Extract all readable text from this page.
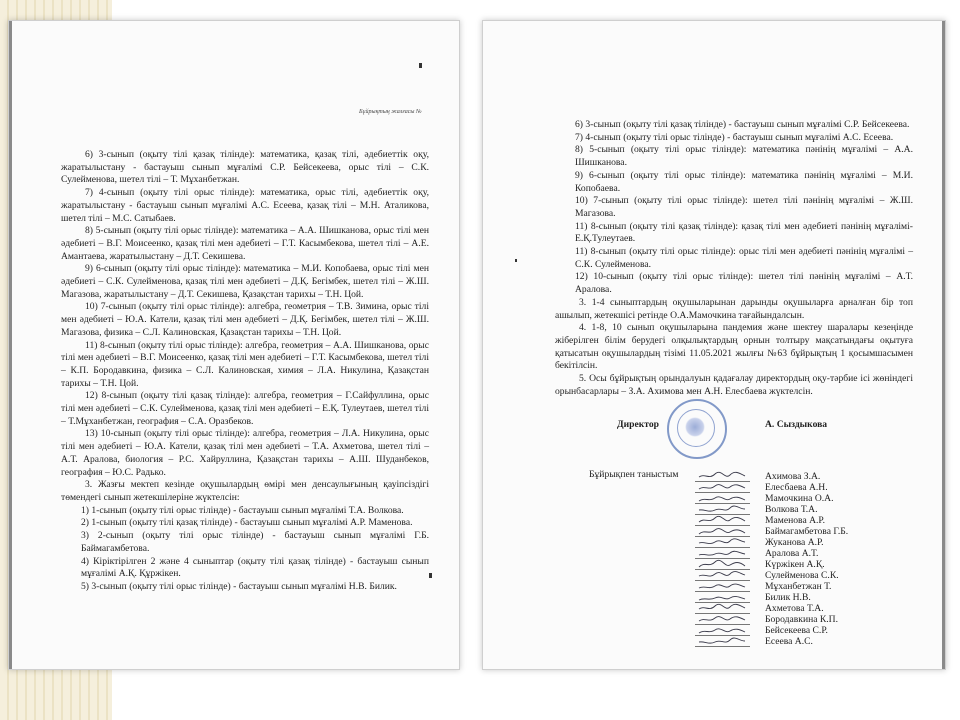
Бұйрықтың жалғасы №

6) 3-сынып (оқыту тілі қазақ тілінде): математика, қазақ тілі, әдебиеттік оқу, жаратылыстану - бастауыш сынып мұғалімі С.Р. Бейсекеева, орыс тілі – С.К. Сулейменова, шетел тілі – Т. Мұханбетжан.

7) 4-сынып (оқыту тілі орыс тілінде): математика, орыс тілі, әдебиеттік оқу, жаратылыстану - бастауыш сынып мұғалімі А.С. Есеева, қазақ тілі – М.Н. Аталикова, шетел тілі – М.С. Сатыбаев.

8) 5-сынып (оқыту тілі орыс тілінде): математика – А.А. Шишканова, орыс тілі мен әдебиеті – В.Г. Моисеенко, қазақ тілі мен әдебиеті – Г.Т. Касымбекова, шетел тілі – А.Е. Амантаева, жаратылыстану – Д.Т. Секишева.

9) 6-сынып (оқыту тілі орыс тілінде): математика – М.И. Копобаева, орыс тілі мен әдебиеті – С.К. Сулейменова, қазақ тілі мен әдебиеті – Д.Қ. Бегімбек, шетел тілі – Ж.Ш. Магазова, жаратылыстану – Д.Т. Секишева, Қазақстан тарихы – Т.Н. Цой.

10) 7-сынып (оқыту тілі орыс тілінде): алгебра, геометрия – Т.В. Зимина, орыс тілі мен әдебиеті – Ю.А. Катели, қазақ тілі мен әдебиеті – Д.Қ. Бегімбек, шетел тілі – Ж.Ш. Магазова, физика – С.Л. Калиновская, Қазақстан тарихы – Т.Н. Цой.

11) 8-сынып (оқыту тілі орыс тілінде): алгебра, геометрия – А.А. Шишканова, орыс тілі мен әдебиеті – В.Г. Моисеенко, қазақ тілі мен әдебиеті – Г.Т. Касымбекова, шетел тілі – К.П. Бородавкина, физика – С.Л. Калиновская, химия – Л.А. Никулина, Қазақстан тарихы – Т.Н. Цой.

12) 8-сынып (оқыту тілі қазақ тілінде): алгебра, геометрия – Г.Сайфуллина, орыс тілі мен әдебиеті – С.К. Сулейменова, қазақ тілі мен әдебиеті – Е.Қ. Тулеутаев, шетел тілі – Т.Мұханбетжан, география – С.А. Оразбеков.

13) 10-сынып (оқыту тілі орыс тілінде): алгебра, геометрия – Л.А. Никулина, орыс тілі мен әдебиеті – Ю.А. Катели, қазақ тілі мен әдебиеті – Т.А. Ахметова, шетел тілі – А.Т. Аралова, биология – Р.С. Хайруллина, Қазақстан тарихы – А.Ш. Шуданбеков, география – Ю.С. Радько.

3. Жазғы мектеп кезінде оқушылардың өмірі мен денсаулығының қауіпсіздігі төмендегі сынып жетекшілеріне жүктелсін:

1) 1-сынып (оқыту тілі орыс тілінде) - бастауыш сынып мұғалімі Т.А. Волкова.

2) 1-сынып (оқыту тілі қазақ тілінде) - бастауыш сынып мұғалімі А.Р. Маменова.

3) 2-сынып (оқыту тілі орыс тілінде) - бастауыш сынып мұғалімі Г.Б. Баймагамбетова.

4) Кіріктірілген 2 және 4 сыныптар (оқыту тілі қазақ тілінде) - бастауыш сынып мұғалімі А.Қ. Құржікен.

5) 3-сынып (оқыту тілі орыс тілінде) - бастауыш сынып мұғалімі Н.В. Билик.

6) 3-сынып (оқыту тілі қазақ тілінде) - бастауыш сынып мұғалімі С.Р. Бейсекеева.

7) 4-сынып (оқыту тілі орыс тілінде) - бастауыш сынып мұғалімі А.С. Есеева.

8) 5-сынып (оқыту тілі орыс тілінде): математика пәнінің мұғалімі – А.А. Шишканова.

9) 6-сынып (оқыту тілі орыс тілінде): математика пәнінің мұғалімі – М.И. Копобаева.

10) 7-сынып (оқыту тілі орыс тілінде): шетел тілі пәнінің мұғалімі – Ж.Ш. Магазова.

11) 8-сынып (оқыту тілі қазақ тілінде): қазақ тілі мен әдебиеті пәнінің мұғалімі-Е.Қ.Тулеутаев.

11) 8-сынып (оқыту тілі орыс тілінде): орыс тілі мен әдебиеті пәнінің мұғалімі – С.К. Сулейменова.

12) 10-сынып (оқыту тілі орыс тілінде): шетел тілі пәнінің мұғалімі – А.Т. Аралова.

3. 1-4 сыныптардың оқушыларынан дарынды оқушыларға арналған бір топ ашылып, жетекшісі ретінде О.А.Мамочкина тағайындалсын.

4. 1-8, 10 сынып оқушыларына пандемия және шектеу шаралары кезеңінде жіберілген білім берудегі олқылықтардың орнын толтыру мақсатындағы оқытуға қатысатын оқушылардың тізімі 11.05.2021 жылғы №63 бұйрықтың 1 қосымшасымен бекітілсін.

5. Осы бұйрықтың орындалуын қадағалау директордың оқу-тәрбие ісі жөніндегі орынбасарлары – З.А. Ахимова мен А.Н. Елесбаева жүктелсін.

Директор	А. Сыздыкова
Бұйрықпен таныстым	Ахимова З.А.
Елесбаева А.Н.
Мамочкина О.А.
Волкова Т.А.
Маменова А.Р.
Баймагамбетова Г.Б.
Жуканова А.Р.
Аралова А.Т.
Күржікен А.Қ.
Сулейменова С.К.
Мұханбетжан Т.
Билик Н.В.
Ахметова Т.А.
Бородавкина К.П.
Бейсекеева С.Р.
Есеева А.С.
